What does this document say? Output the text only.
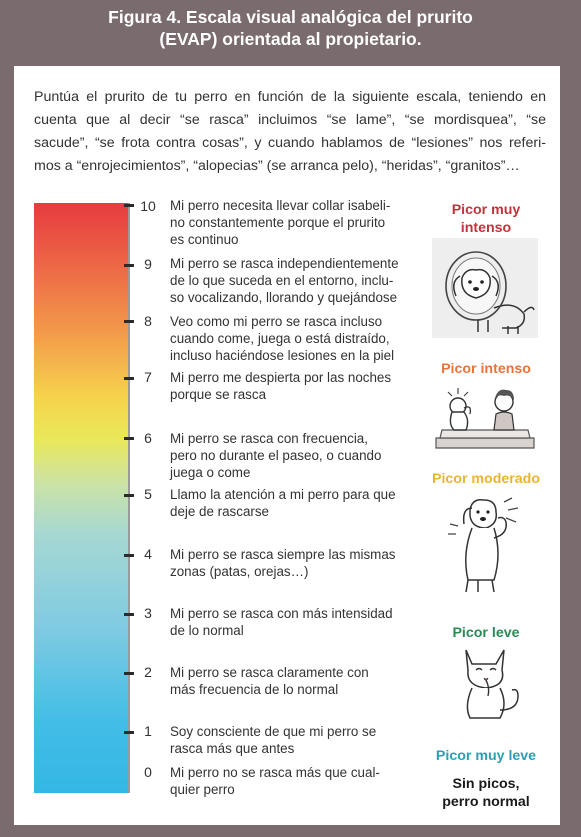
Figura 4. Escala visual analógica del prurito
(EVAP) orientada al propietario.
Puntúa el prurito de tu perro en función de la siguiente escala, teniendo en
cuenta que al decir “se rasca” incluimos “se lame”, “se mordisquea”, “se
sacude”, “se frota contra cosas”, y cuando hablamos de “lesiones” nos referi-
mos a “enrojecimientos”, “alopecias” (se arranca pelo), “heridas”, “granitos”…
10	Mi perro necesita llevar collar isabeli-
no constantemente porque el prurito
es continuo
9	Mi perro se rasca independientemente
de lo que suceda en el entorno, inclu-
so vocalizando, llorando y quejándose
8	Veo como mi perro se rasca incluso
cuando come, juega o está distraído,
incluso haciéndose lesiones en la piel
7	Mi perro me despierta por las noches
porque se rasca
6	Mi perro se rasca con frecuencia,
pero no durante el paseo, o cuando
juega o come
5	Llamo la atención a mi perro para que
deje de rascarse
4	Mi perro se rasca siempre las mismas
zonas (patas, orejas…)
3	Mi perro se rasca con más intensidad
de lo normal
2	Mi perro se rasca claramente con
más frecuencia de lo normal
1	Soy consciente de que mi perro se
rasca más que antes
0	Mi perro no se rasca más que cual-
quier perro
Picor muy
intenso
Picor intenso
Picor moderado
Picor leve
Picor muy leve
Sin picos,
perro normal
